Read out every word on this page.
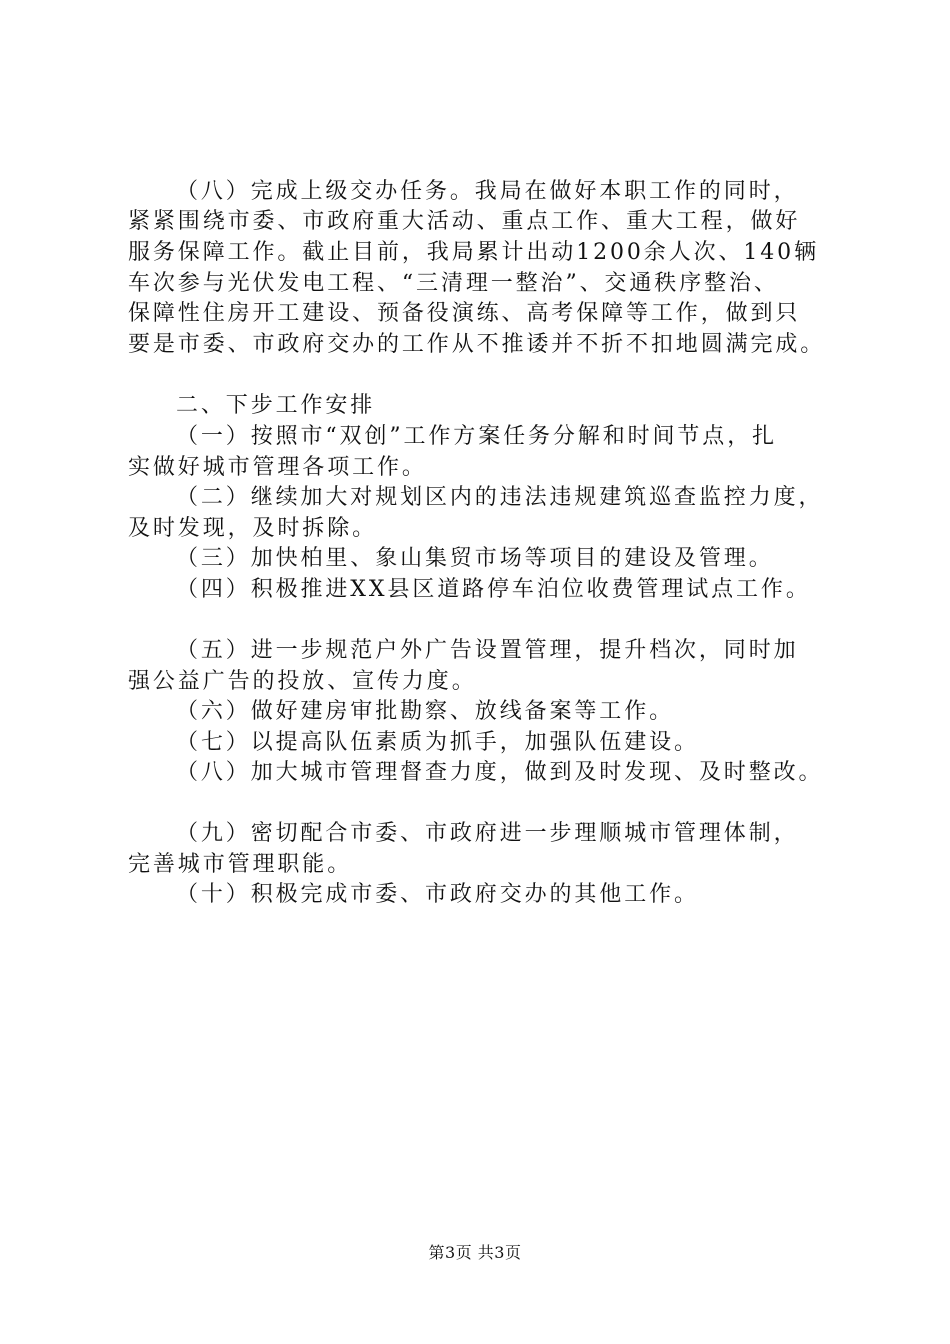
（八）完成上级交办任务。我局在做好本职工作的同时，
紧紧围绕市委、市政府重大活动、重点工作、重大工程，做好
服务保障工作。截止目前，我局累计出动1200余人次、140辆
车次参与光伏发电工程、“三清理一整治”、交通秩序整治、
保障性住房开工建设、预备役演练、高考保障等工作，做到只
要是市委、市政府交办的工作从不推诿并不折不扣地圆满完成。
二、下步工作安排
（一）按照市“双创”工作方案任务分解和时间节点，扎
实做好城市管理各项工作。
（二）继续加大对规划区内的违法违规建筑巡查监控力度，
及时发现，及时拆除。
（三）加快柏里、象山集贸市场等项目的建设及管理。
（四）积极推进XX县区道路停车泊位收费管理试点工作。
（五）进一步规范户外广告设置管理，提升档次，同时加
强公益广告的投放、宣传力度。
（六）做好建房审批勘察、放线备案等工作。
（七）以提高队伍素质为抓手，加强队伍建设。
（八）加大城市管理督查力度，做到及时发现、及时整改。
（九）密切配合市委、市政府进一步理顺城市管理体制，
完善城市管理职能。
（十）积极完成市委、市政府交办的其他工作。
第3页 共3页
